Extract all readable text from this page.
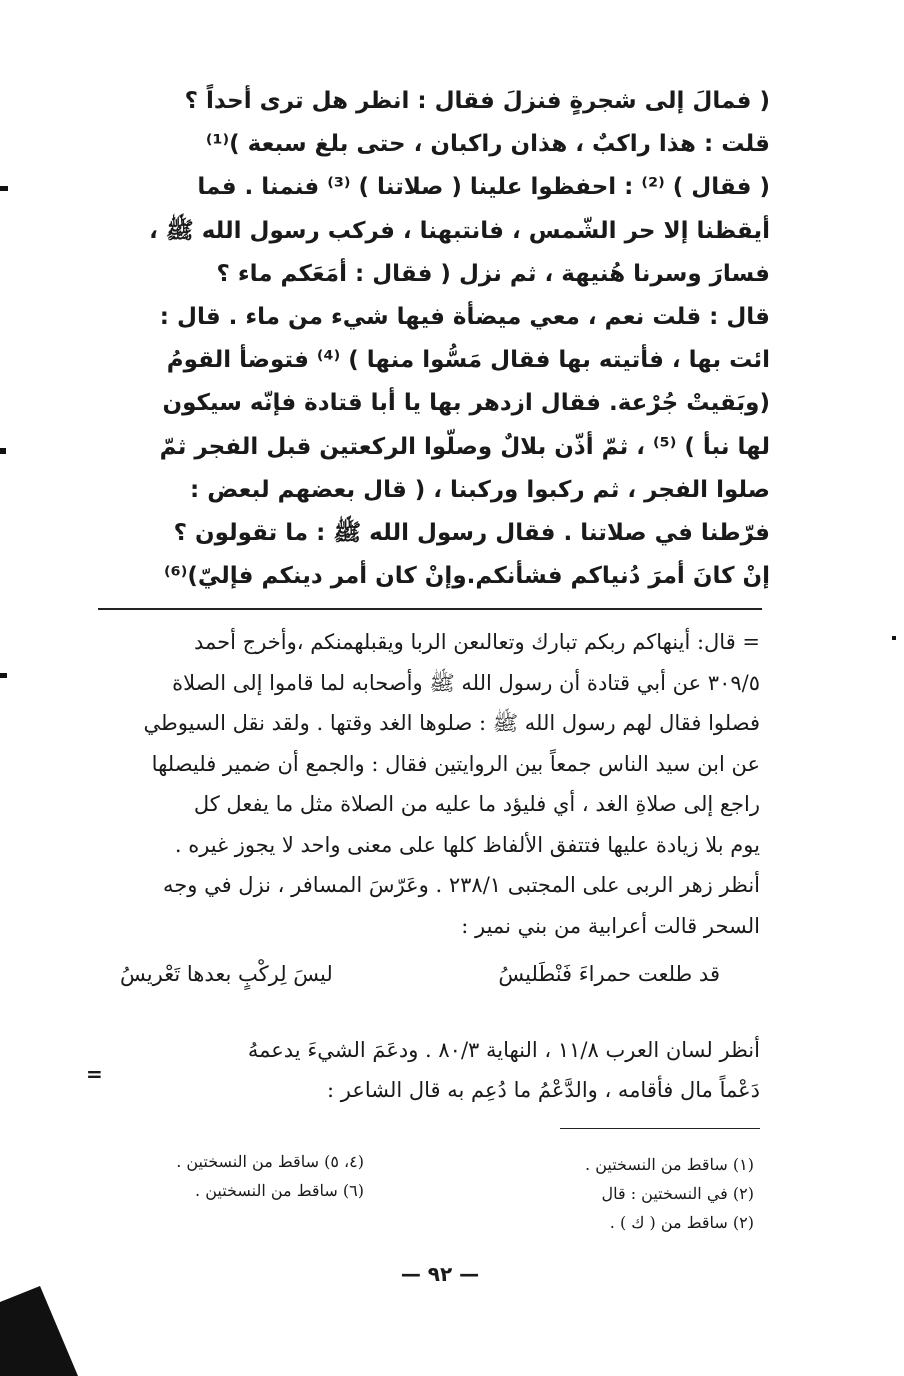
( فمالَ إلى شجرةٍ فنزلَ فقال : انظر هل ترى أحداً ؟
قلت : هذا راكبٌ ، هذان راكبان ، حتى بلغ سبعة )⁽¹⁾
( فقال ) ⁽²⁾ : احفظوا علينا ( صلاتنا ) ⁽³⁾ فنمنا . فما
أيقظنا إلا حر الشّمس ، فانتبهنا ، فركب رسول الله ﷺ ،
فسارَ وسرنا هُنيهة ، ثم نزل ( فقال : أمَعَكم ماء ؟
قال : قلت نعم ، معي ميضأة فيها شيء من ماء . قال :
ائت بها ، فأتيته بها فقال مَسُّوا منها ) ⁽⁴⁾ فتوضأ القومُ
(وبَقيتْ جُرْعة. فقال ازدهر بها يا أبا قتادة فإنّه سيكون
لها نبأ ) ⁽⁵⁾ ، ثمّ أذّن بلالٌ وصلّوا الركعتين قبل الفجر ثمّ
صلوا الفجر ، ثم ركبوا وركبنا ، ( قال بعضهم لبعض :
فرّطنا في صلاتنا . فقال رسول الله ﷺ : ما تقولون ؟
إنْ كانَ أمرَ دُنياكم فشأنكم.وإنْ كان أمر دينكم فإليّ)⁽⁶⁾
= قال: أينهاكم ربكم تبارك وتعالىعن الربا ويقبلهمنكم ،وأخرج أحمد
٣٠٩/٥ عن أبي قتادة أن رسول الله ﷺ وأصحابه لما قاموا إلى الصلاة
فصلوا فقال لهم رسول الله ﷺ : صلوها الغد وقتها . ولقد نقل السيوطي
عن ابن سيد الناس جمعاً بين الروايتين فقال : والجمع أن ضمير فليصلها
راجع إلى صلاةِ الغد ، أي فليؤد ما عليه من الصلاة مثل ما يفعل كل
يوم بلا زيادة عليها فتتفق الألفاظ كلها على معنى واحد لا يجوز غيره .
أنظر زهر الربى على المجتبى ٢٣٨/١ . وعَرّسَ المسافر ، نزل في وجه
السحر قالت أعرابية من بني نمير :
قد طلعت حمراءَ فَنْطَليسُ
ليسَ لِركْبٍ بعدها تَعْريسُ
أنظر لسان العرب ١١/٨ ، النهاية ٨٠/٣ . ودعَمَ الشيءَ يدعمهُ
دَعْماً مال فأقامه ، والدَّعْمُ ما دُعِم به قال الشاعر :
=
(١) ساقط من النسختين .
(٢) في النسختين : قال
(٢) ساقط من ( ك ) .
(٤، ٥) ساقط من النسختين .
(٦) ساقط من النسختين .
— ٩٢ —
